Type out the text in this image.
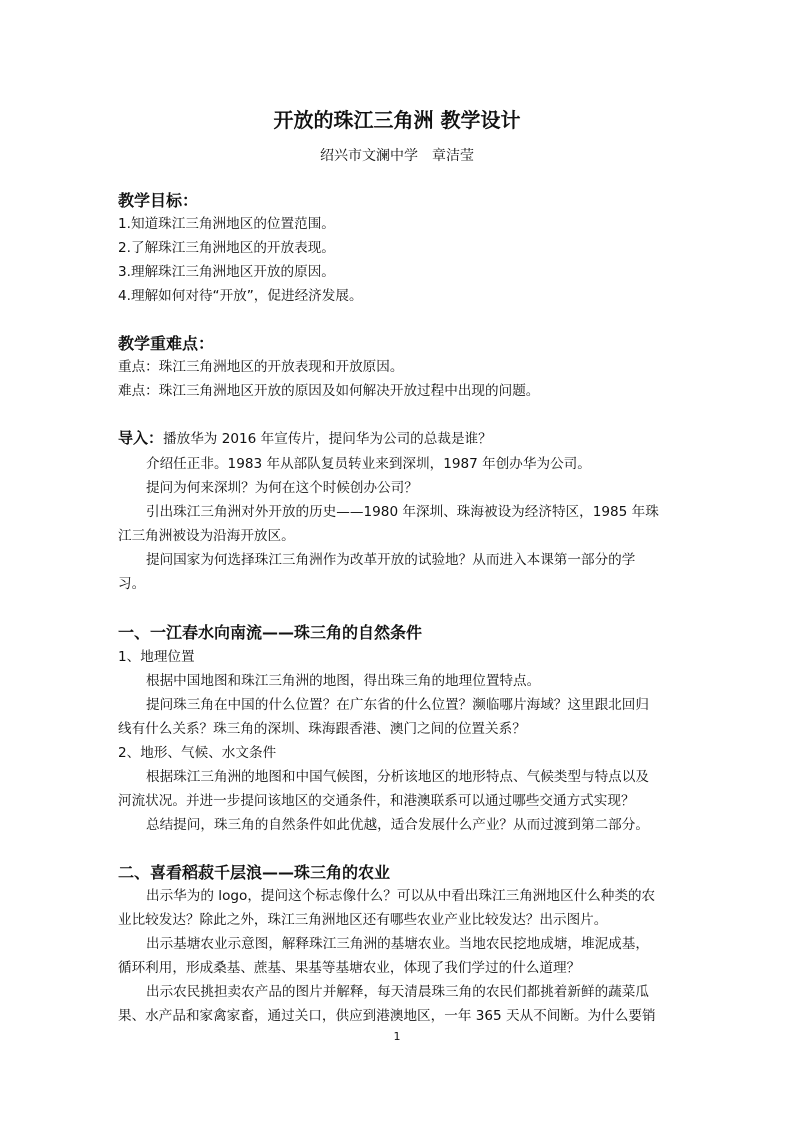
开放的珠江三角洲 教学设计
绍兴市文澜中学　章洁莹
教学目标：
1.知道珠江三角洲地区的位置范围。
2.了解珠江三角洲地区的开放表现。
3.理解珠江三角洲地区开放的原因。
4.理解如何对待“开放”，促进经济发展。
教学重难点：
重点：珠江三角洲地区的开放表现和开放原因。
难点：珠江三角洲地区开放的原因及如何解决开放过程中出现的问题。
导入：播放华为 2016 年宣传片，提问华为公司的总裁是谁？
介绍任正非。1983 年从部队复员转业来到深圳，1987 年创办华为公司。
提问为何来深圳？为何在这个时候创办公司？
引出珠江三角洲对外开放的历史——1980 年深圳、珠海被设为经济特区，1985 年珠
江三角洲被设为沿海开放区。
提问国家为何选择珠江三角洲作为改革开放的试验地？从而进入本课第一部分的学
习。
一、一江春水向南流——珠三角的自然条件
1、地理位置
根据中国地图和珠江三角洲的地图，得出珠三角的地理位置特点。
提问珠三角在中国的什么位置？在广东省的什么位置？濒临哪片海域？这里跟北回归
线有什么关系？珠三角的深圳、珠海跟香港、澳门之间的位置关系？
2、地形、气候、水文条件
根据珠江三角洲的地图和中国气候图，分析该地区的地形特点、气候类型与特点以及
河流状况。并进一步提问该地区的交通条件，和港澳联系可以通过哪些交通方式实现？
总结提问，珠三角的自然条件如此优越，适合发展什么产业？从而过渡到第二部分。
二、喜看稻菽千层浪——珠三角的农业
出示华为的 logo，提问这个标志像什么？可以从中看出珠江三角洲地区什么种类的农
业比较发达？除此之外，珠江三角洲地区还有哪些农业产业比较发达？出示图片。
出示基塘农业示意图，解释珠江三角洲的基塘农业。当地农民挖地成塘，堆泥成基，
循环利用，形成桑基、蔗基、果基等基塘农业，体现了我们学过的什么道理？
出示农民挑担卖农产品的图片并解释，每天清晨珠三角的农民们都挑着新鲜的蔬菜瓜
果、水产品和家禽家畜，通过关口，供应到港澳地区，一年 365 天从不间断。为什么要销
1
